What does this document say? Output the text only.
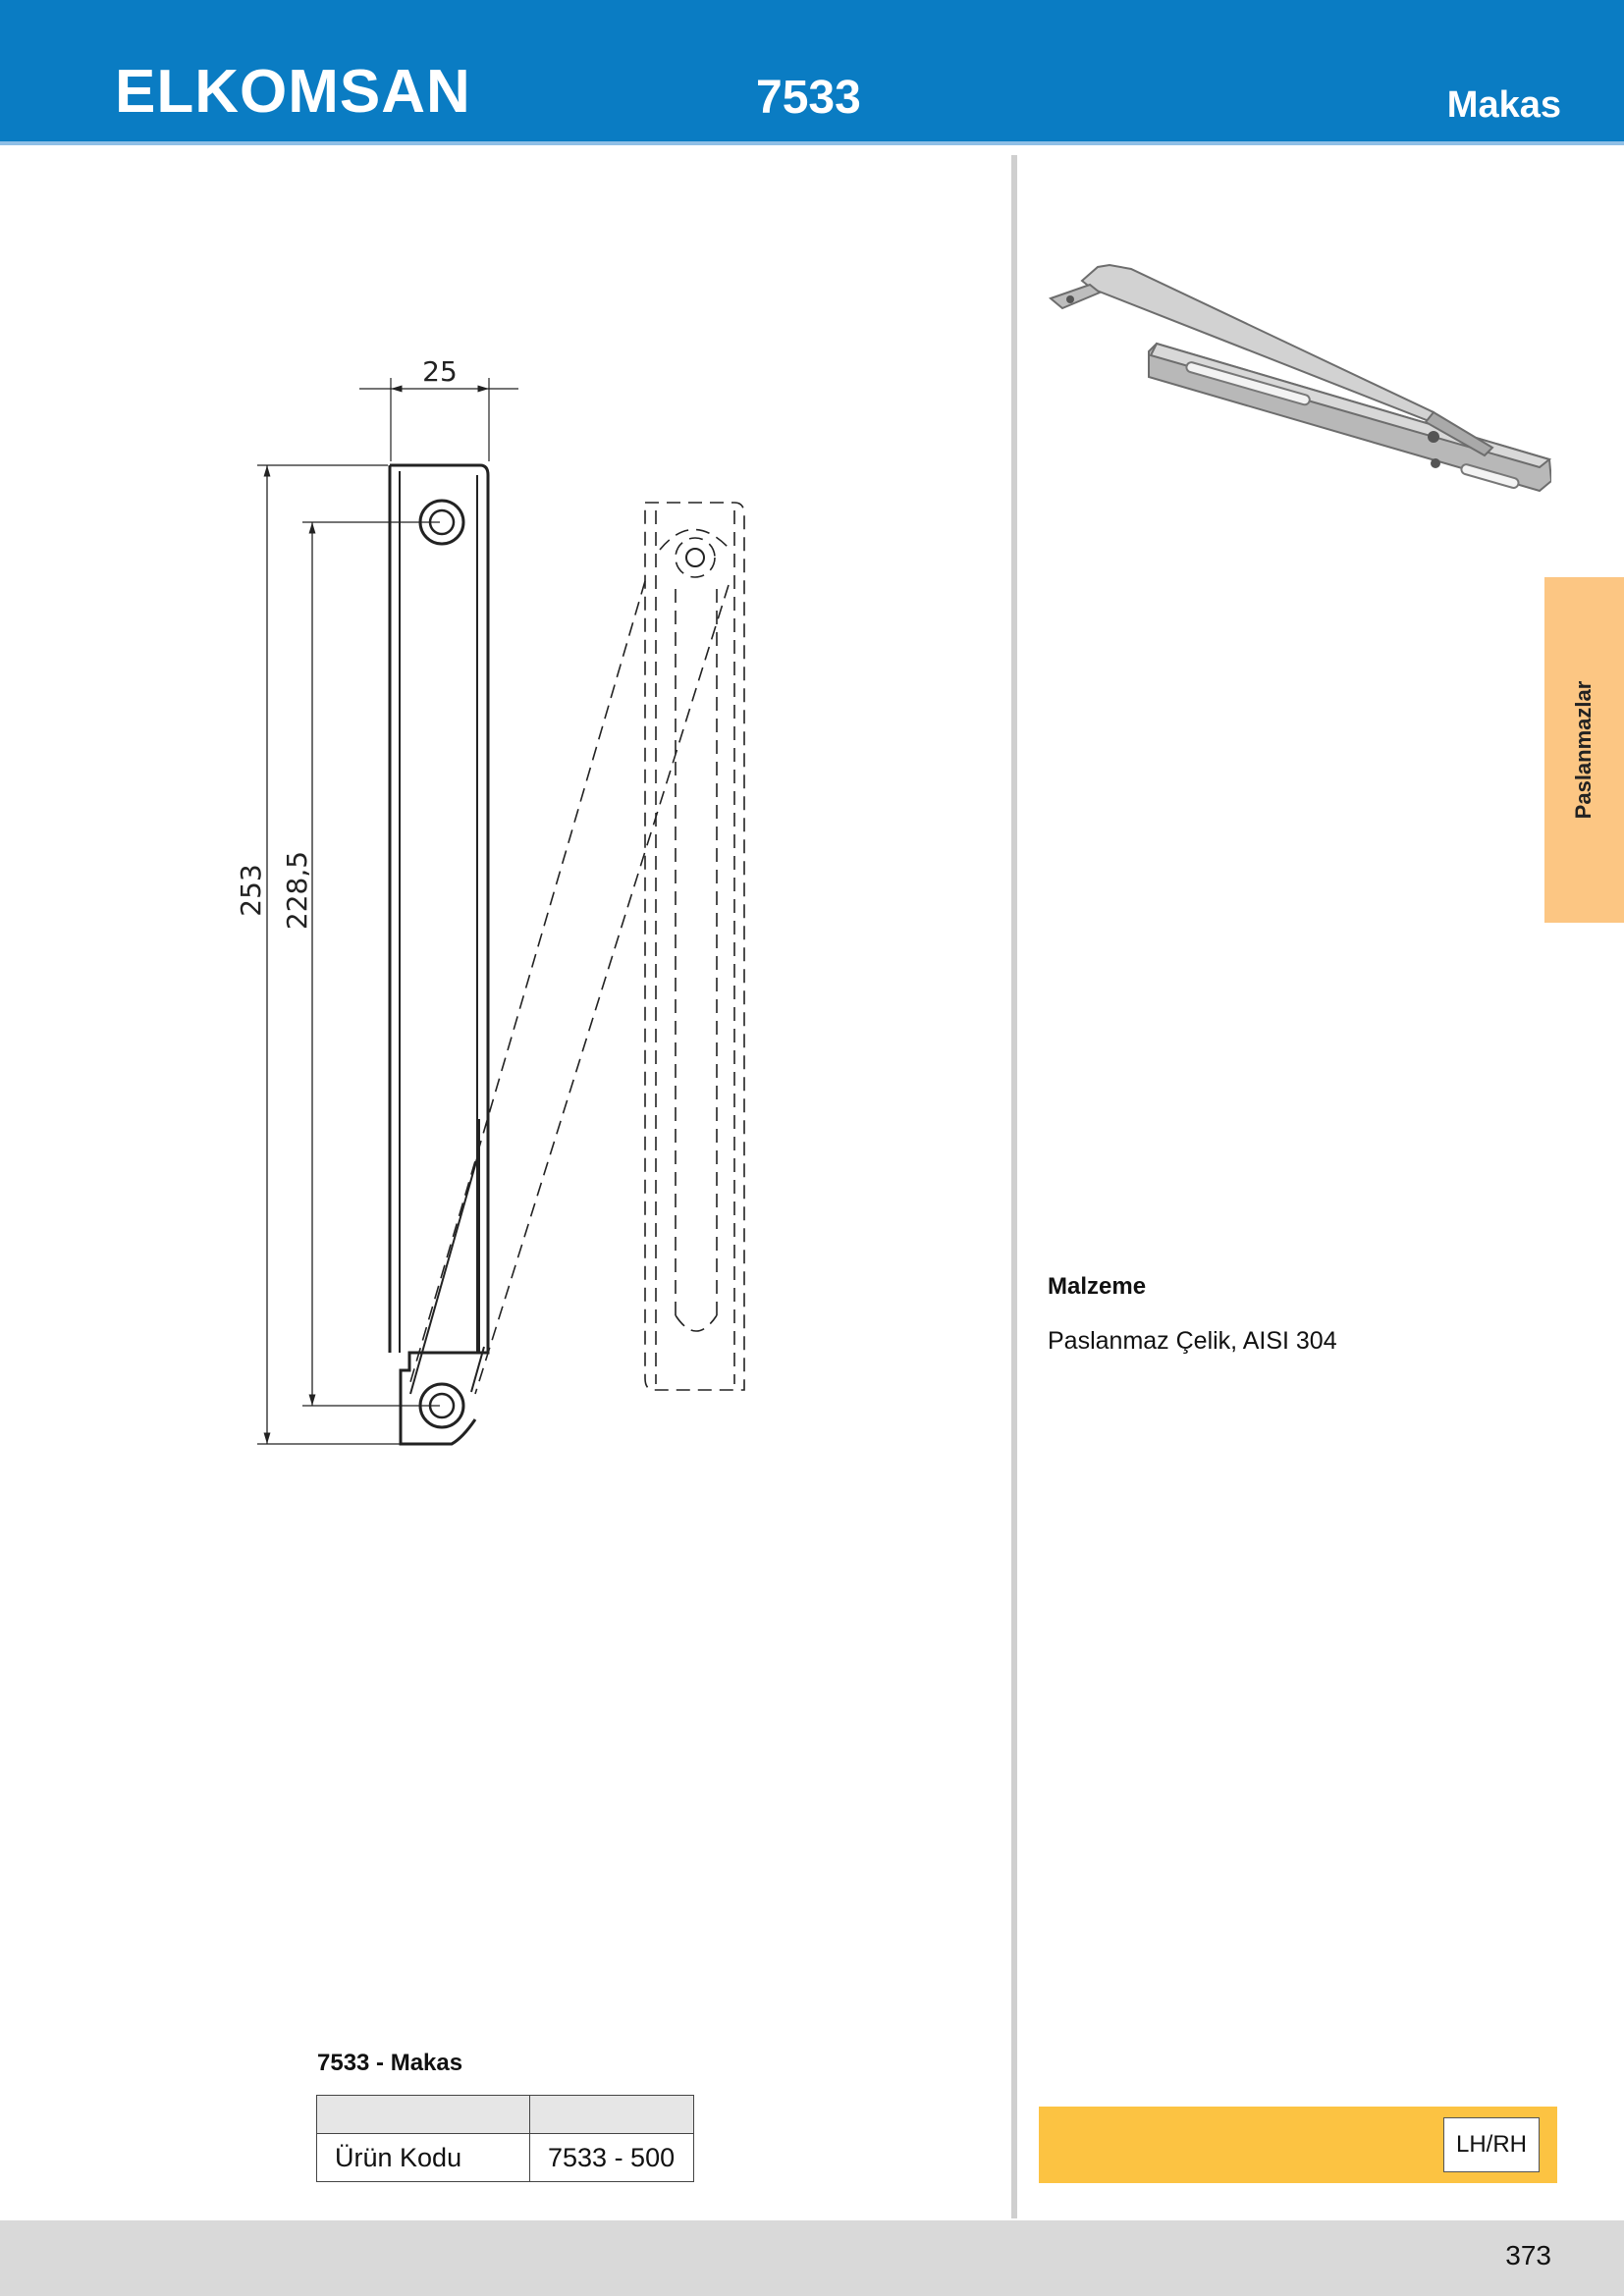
ELKOMSAN	7533	Makas
25
253 228,5
Paslanmazlar
Malzeme
Paslanmaz Çelik, AISI 304
7533 - Makas

Ürün Kodu	7533 - 500	LH/RH
373
